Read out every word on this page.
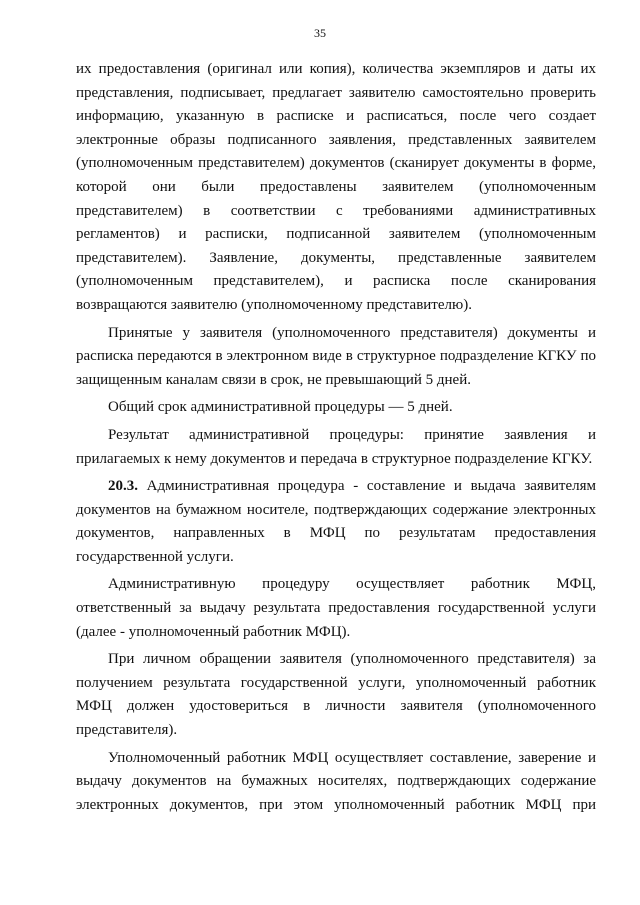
35

их предоставления (оригинал или копия), количества экземпляров и даты их представления, подписывает, предлагает заявителю самостоятельно проверить информацию, указанную в расписке и расписаться, после чего создает электронные образы подписанного заявления, представленных заявителем (уполномоченным представителем) документов (сканирует документы в форме, которой они были предоставлены заявителем (уполномоченным представителем) в соответствии с требованиями административных регламентов) и расписки, подписанной заявителем (уполномоченным представителем). Заявление, документы, представленные заявителем (уполномоченным представителем), и расписка после сканирования возвращаются заявителю (уполномоченному представителю).

Принятые у заявителя (уполномоченного представителя) документы и расписка передаются в электронном виде в структурное подразделение КГКУ по защищенным каналам связи в срок, не превышающий 5 дней.

Общий срок административной процедуры — 5 дней.

Результат административной процедуры: принятие заявления и прилагаемых к нему документов и передача в структурное подразделение КГКУ.

20.3. Административная процедура - составление и выдача заявителям документов на бумажном носителе, подтверждающих содержание электронных документов, направленных в МФЦ по результатам предоставления государственной услуги.

Административную процедуру осуществляет работник МФЦ, ответственный за выдачу результата предоставления государственной услуги (далее - уполномоченный работник МФЦ).

При личном обращении заявителя (уполномоченного представителя) за получением результата государственной услуги, уполномоченный работник МФЦ должен удостовериться в личности заявителя (уполномоченного представителя).

Уполномоченный работник МФЦ осуществляет составление, заверение и выдачу документов на бумажных носителях, подтверждающих содержание электронных документов, при этом уполномоченный работник МФЦ при
